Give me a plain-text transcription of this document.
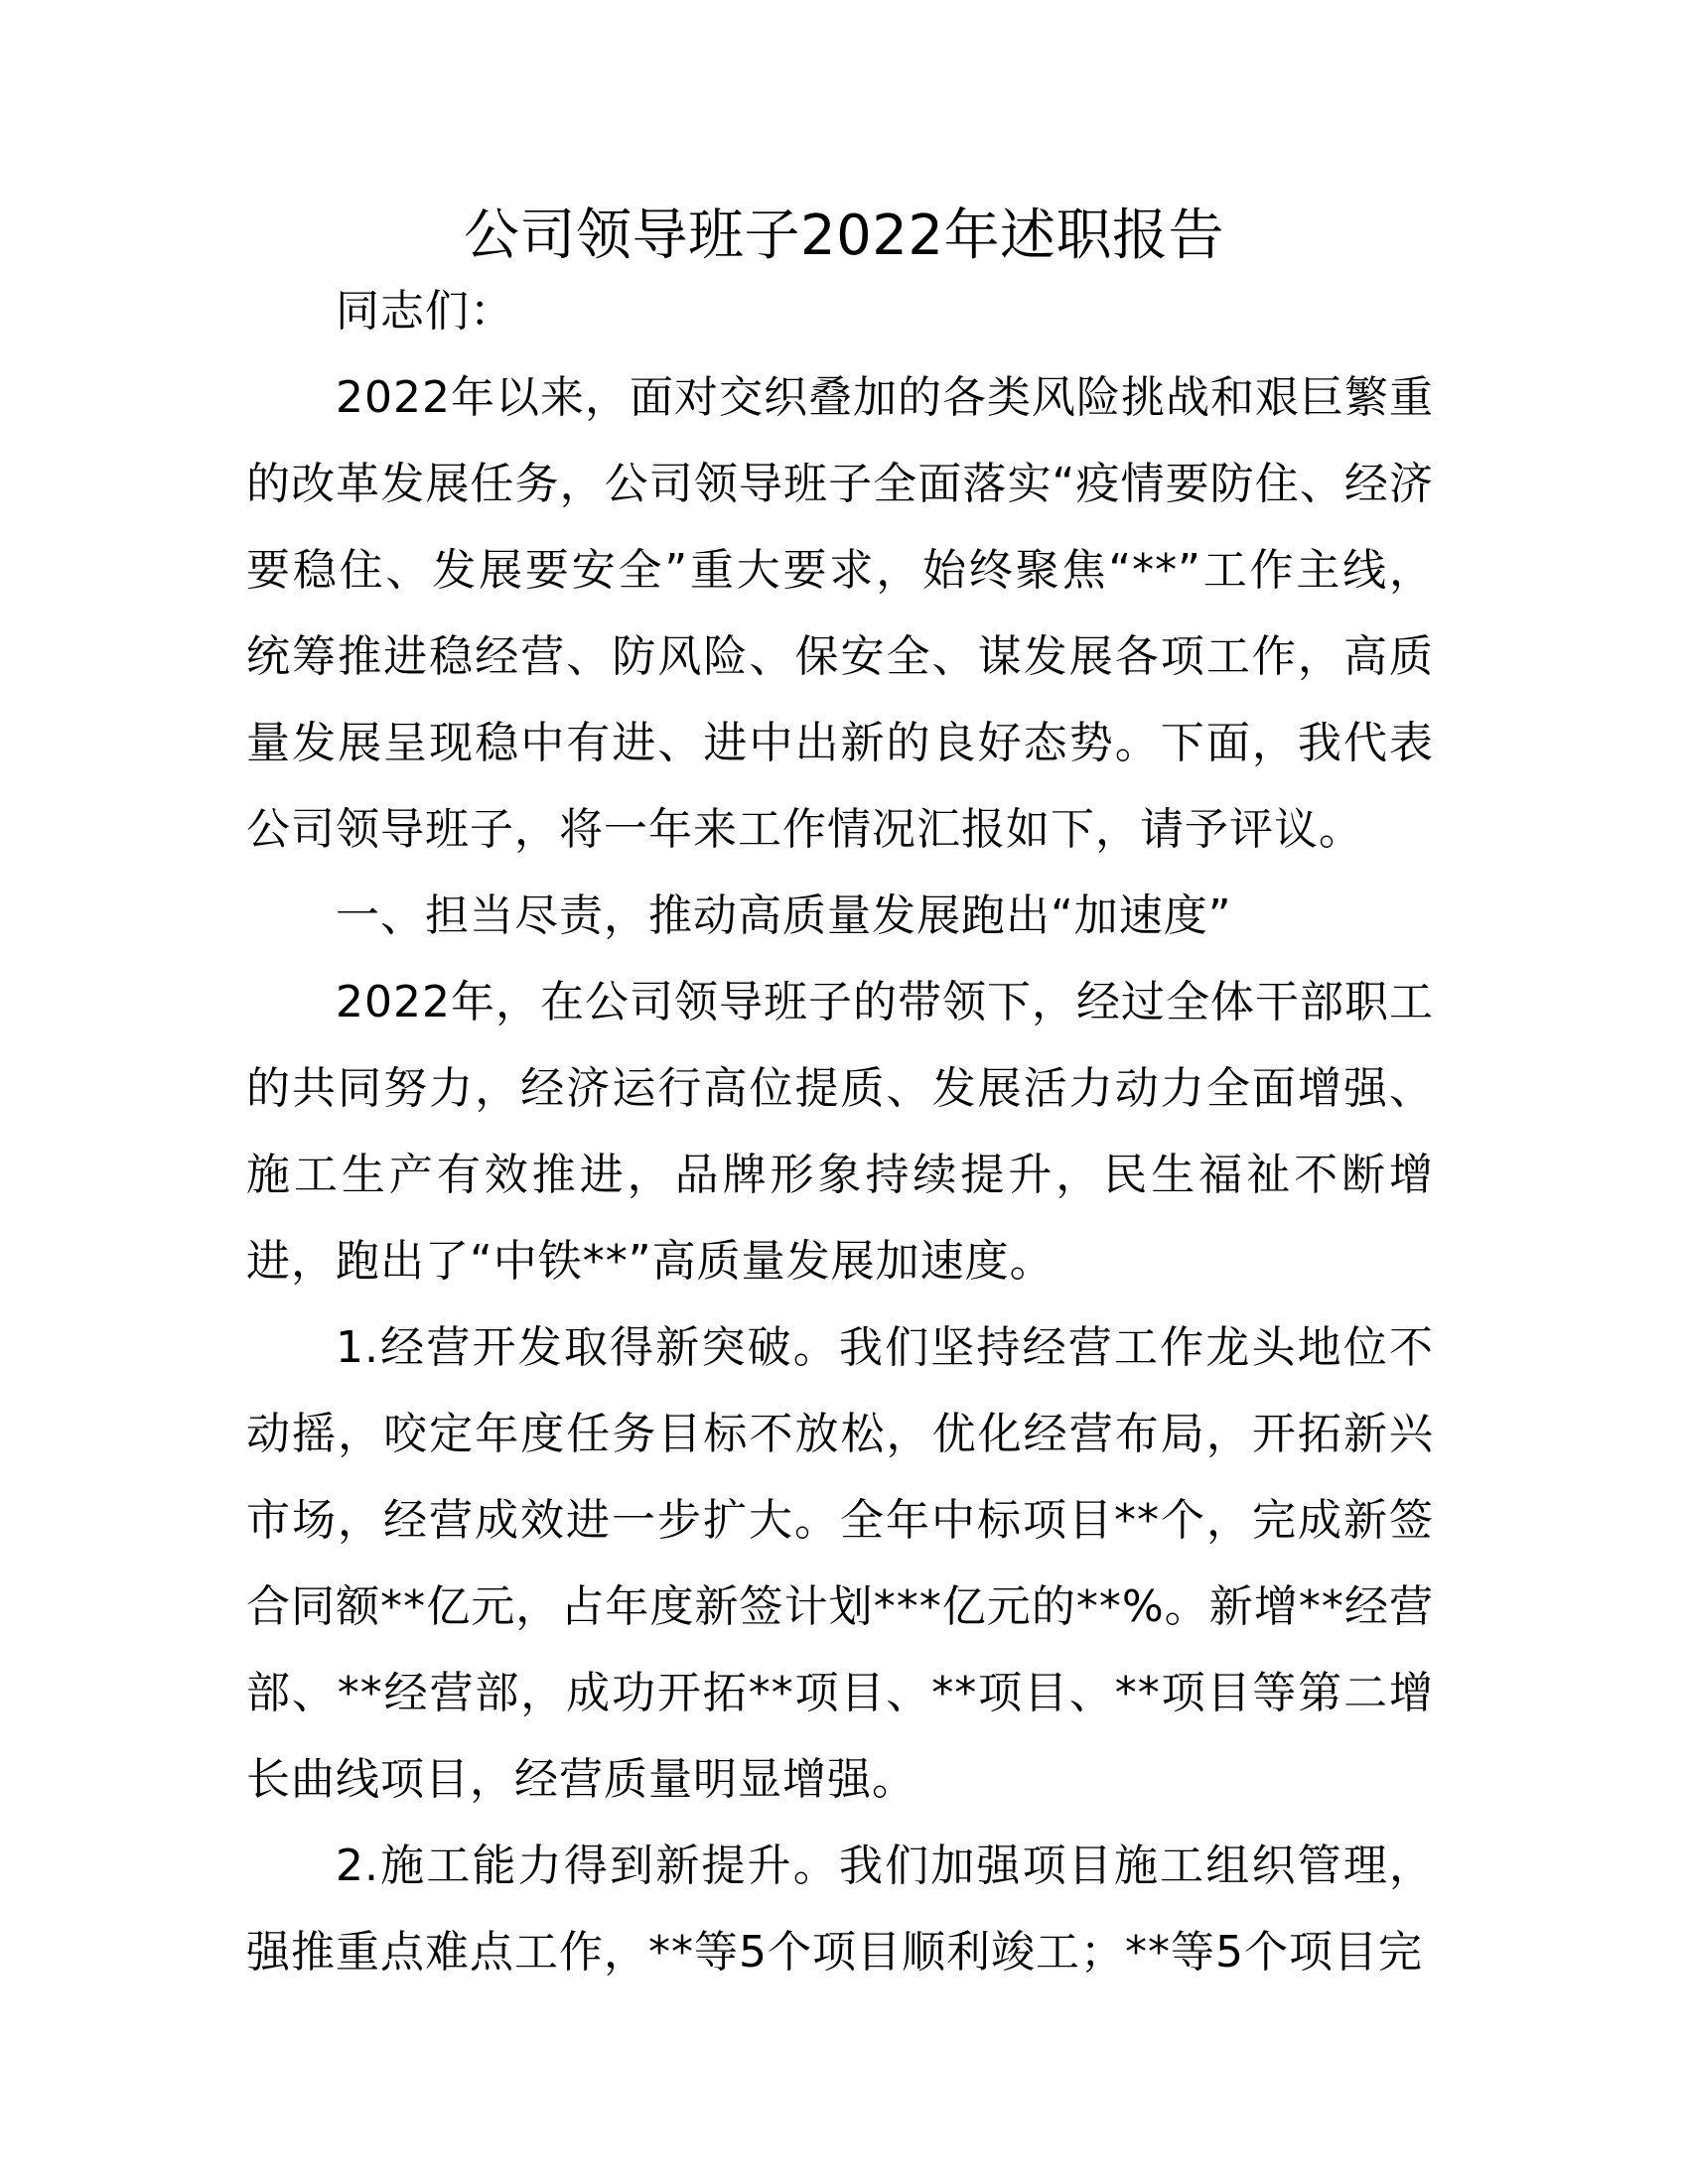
公司领导班子2022年述职报告

同志们：

2022年以来，面对交织叠加的各类风险挑战和艰巨繁重的改革发展任务，公司领导班子全面落实“疫情要防住、经济要稳住、发展要安全”重大要求，始终聚焦“**”工作主线，统筹推进稳经营、防风险、保安全、谋发展各项工作，高质量发展呈现稳中有进、进中出新的良好态势。下面，我代表公司领导班子，将一年来工作情况汇报如下，请予评议。

一、担当尽责，推动高质量发展跑出“加速度”

2022年，在公司领导班子的带领下，经过全体干部职工的共同努力，经济运行高位提质、发展活力动力全面增强、施工生产有效推进，品牌形象持续提升，民生福祉不断增进，跑出了“中铁**”高质量发展加速度。

1.经营开发取得新突破。我们坚持经营工作龙头地位不动摇，咬定年度任务目标不放松，优化经营布局，开拓新兴市场，经营成效进一步扩大。全年中标项目**个，完成新签合同额**亿元，占年度新签计划***亿元的**%。新增**经营部、**经营部，成功开拓**项目、**项目、**项目等第二增长曲线项目，经营质量明显增强。

2.施工能力得到新提升。我们加强项目施工组织管理，强推重点难点工作，**等5个项目顺利竣工；**等5个项目完
